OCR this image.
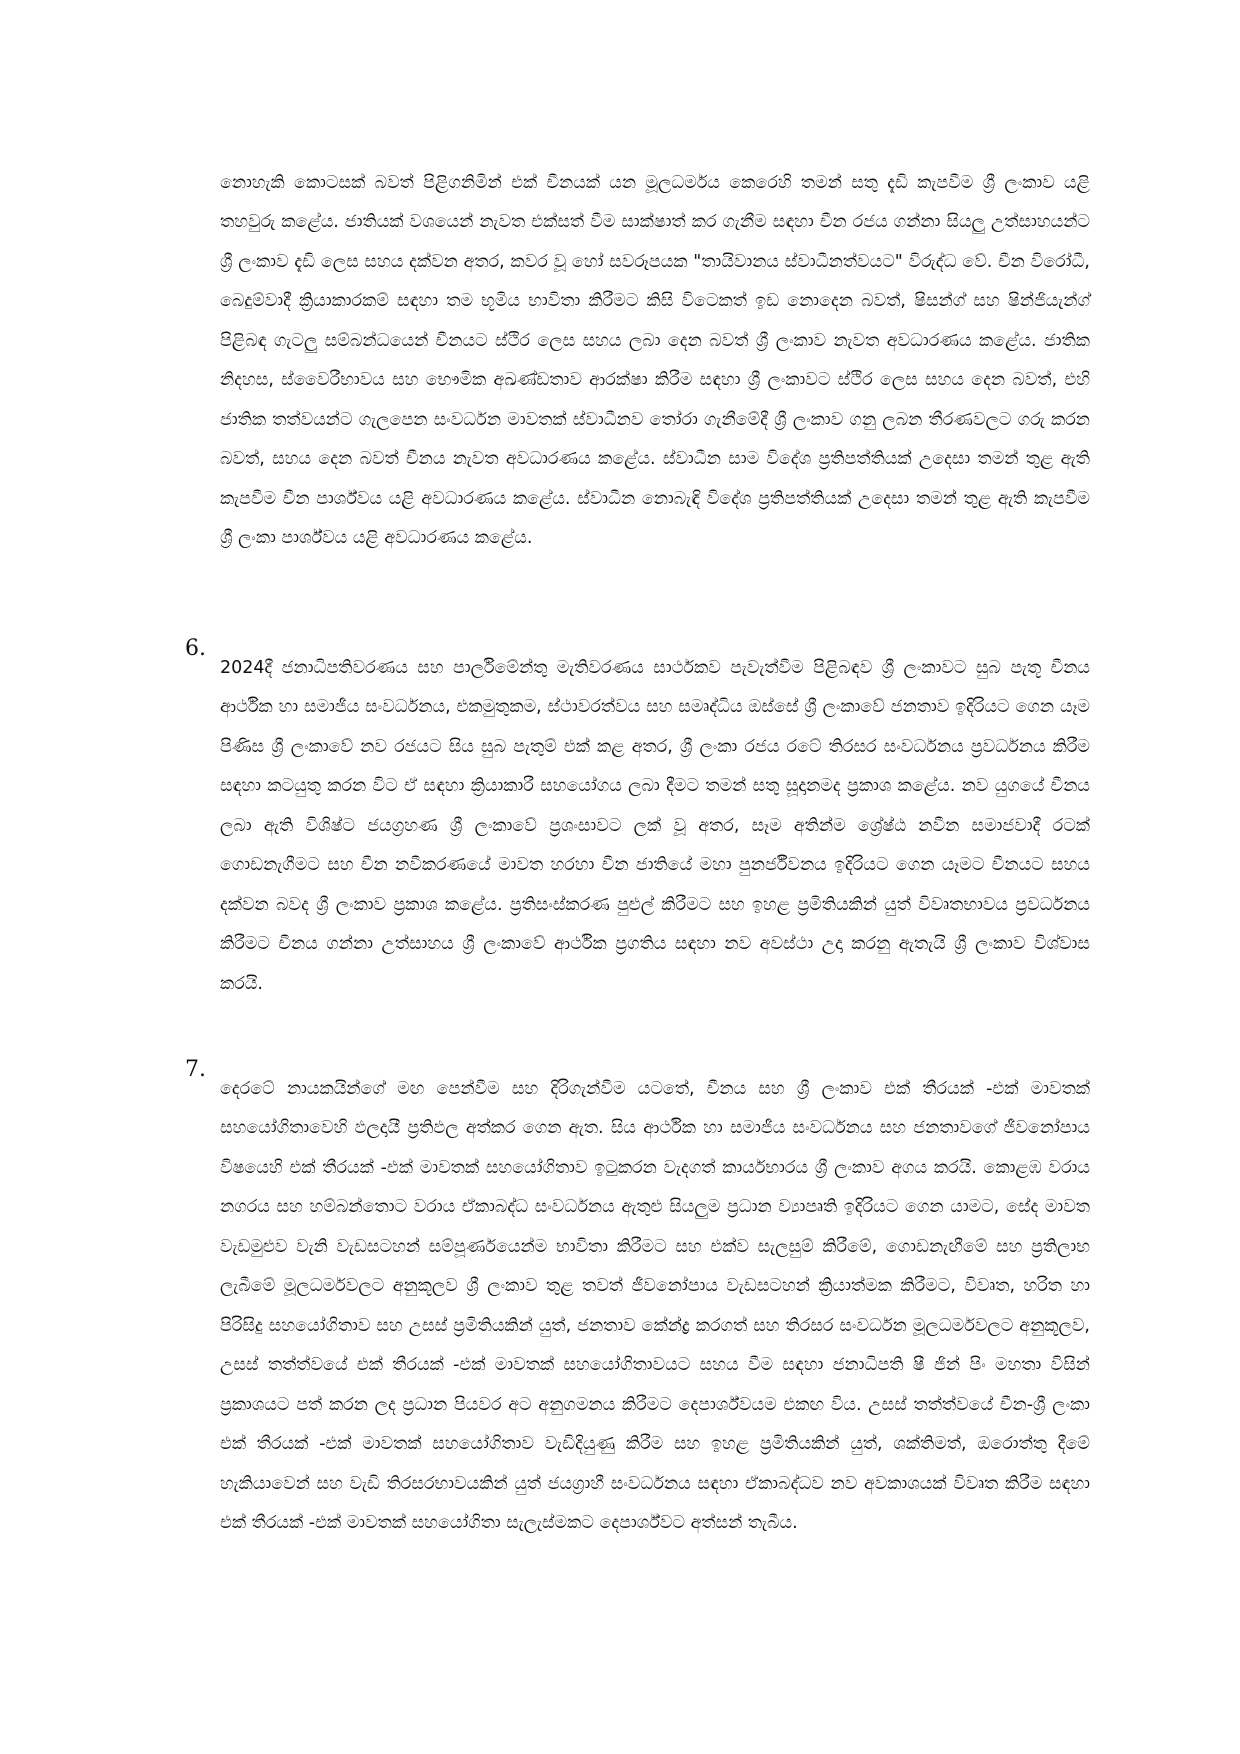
නොහැකි කොටසක් බවත් පිළිගනිමින් එක් චීනයක් යන මූලධර්මය කෙරෙහි තමන් සතු දැඩි කැපවීම ශ්‍රී ලංකාව යළි තහවුරු කළේය. ජාතියක් වශයෙන් නැවත එක්සත් වීම සාක්ෂාත් කර ගැනීම සඳහා චීන රජය ගන්නා සියලු උත්සාහයන්ට ශ්‍රී ලංකාව දැඩි ලෙස සහය දක්වන අතර, කවර වූ හෝ සවරූපයක "තායිවානය ස්වාධීනත්වයට" විරුද්ධ වේ. චීන විරෝධී, බෙදුම්වාදී ක්‍රියාකාරකම් සඳහා තම භූමිය භාවිතා කිරීමට කිසි විටෙකත් ඉඩ නොදෙන බවත්, ෂිසන්ග් සහ ෂින්ජියැන්ග් පිළිබඳ ගැටලු සම්බන්ධයෙන් චීනයට ස්ථිර ලෙස සහය ලබා දෙන බවත් ශ්‍රී ලංකාව නැවත අවධාරණය කළේය. ජාතික නිදහස, ස්වෛරීභාවය සහ භෞමික අඛණ්ඩතාව ආරක්ෂා කිරීම සඳහා ශ්‍රී ලංකාවට ස්ථිර ලෙස සහය දෙන බවත්, එහි ජාතික තත්වයන්ට ගැලපෙන සංවර්ධන මාවතක් ස්වාධීනව තෝරා ගැනීමේදී ශ්‍රී ලංකාව ගනු ලබන තීරණවලට ගරු කරන බවත්, සහය දෙන බවත් චීනය නැවත අවධාරණය කළේය. ස්වාධීන සාම විදේශ ප්‍රතිපත්තියක් උදෙසා තමන් තුළ ඇති කැපවීම චීන පාර්ශ්වය යළි අවධාරණය කළේය. ස්වාධීන නොබැඳි විදේශ ප්‍රතිපත්තියක් උදෙසා තමන් තුළ ඇති කැපවීම ශ්‍රී ලංකා පාර්ශ්වය යළි අවධාරණය කළේය.

6.

2024දී ජනාධිපතිවරණය සහ පාර්ලිමේන්තු මැතිවරණය සාර්ථකව පැවැත්වීම පිළිබඳව ශ්‍රී ලංකාවට සුබ පැතූ චීනය ආර්ථික හා සමාජීය සංවර්ධනය, එකමුතුකම, ස්ථාවරත්වය සහ සමෘද්ධිය ඔස්සේ ශ්‍රී ලංකාවේ ජනතාව ඉදිරියට ගෙන යෑම පිණිස ශ්‍රී ලංකාවේ නව රජයට සිය සුබ පැතුම් එක් කළ අතර, ශ්‍රී ලංකා රජය රටේ තිරසර සංවර්ධනය ප්‍රවර්ධනය කිරීම සඳහා කටයුතු කරන විට ඒ සඳහා ක්‍රියාකාරී සහයෝගය ලබා දීමට තමන් සතු සූදානමද ප්‍රකාශ කළේය. නව යුගයේ චීනය ලබා ඇති විශිෂ්ට ජයග්‍රහණ ශ්‍රී ලංකාවේ ප්‍රශංසාවට ලක් වූ අතර, සෑම අතින්ම ශ්‍රේෂ්ඨ නවීන සමාජවාදී රටක් ගොඩනැගීමට සහ චීන නවීකරණයේ මාවත හරහා චීන ජාතියේ මහා පුනර්ජීවනය ඉදිරියට ගෙන යෑමට චීනයට සහය දක්වන බවද ශ්‍රී ලංකාව ප්‍රකාශ කළේය. ප්‍රතිසංස්කරණ පුළුල් කිරීමට සහ ඉහළ ප්‍රමිතියකින් යුත් විවෘතභාවය ප්‍රවර්ධනය කිරීමට චීනය ගන්නා උත්සාහය ශ්‍රී ලංකාවේ ආර්ථික ප්‍රගතිය සඳහා නව අවස්ථා උදා කරනු ඇතැයි ශ්‍රී ලංකාව විශ්වාස කරයි.

7.

දෙරටේ නායකයින්ගේ මඟ පෙන්වීම සහ දිරිගැන්වීම යටතේ, චීනය සහ ශ්‍රී ලංකාව එක් තීරයක් -එක් මාවතක් සහයෝගිතාවෙහි ඵලදායී ප්‍රතිඵල අත්කර ගෙන ඇත. සිය ආර්ථික හා සමාජීය සංවර්ධනය සහ ජනතාවගේ ජීවනෝපාය විෂයෙහි එක් තීරයක් -එක් මාවතක් සහයෝගිතාව ඉටුකරන වැදගත් කාර්යභාරය ශ්‍රී ලංකාව අගය කරයි. කොළඹ වරාය නගරය සහ හම්බන්තොට වරාය ඒකාබද්ධ සංවර්ධනය ඇතුළු සියලුම ප්‍රධාන ව්‍යාපෘති ඉදිරියට ගෙන යාමට, සේද මාවත වැඩමුළුව වැනි වැඩසටහන් සම්පූර්ණයෙන්ම භාවිතා කිරීමට සහ එක්ව සැලසුම් කිරීමේ, ගොඩනැඟීමේ සහ ප්‍රතිලාභ ලැබීමේ මූලධර්මවලට අනුකූලව ශ්‍රී ලංකාව තුළ තවත් ජීවනෝපාය වැඩසටහන් ක්‍රියාත්මක කිරීමට, විවෘත, හරිත හා පිරිසිදු සහයෝගිතාව සහ උසස් ප්‍රමිතියකින් යුත්, ජනතාව කේන්ද්‍ර කරගත් සහ තිරසර සංවර්ධන මූලධර්මවලට අනුකූලව, උසස් තත්ත්වයේ එක් තීරයක් -එක් මාවතක් සහයෝගිතාවයට සහය වීම සඳහා ජනාධිපති ෂී ජින් පිං මහතා විසින් ප්‍රකාශයට පත් කරන ලද ප්‍රධාන පියවර අට අනුගමනය කිරීමට දෙපාර්ශ්වයම එකඟ විය. උසස් තත්ත්වයේ චීන-ශ්‍රී ලංකා එක් තීරයක් -එක් මාවතක් සහයෝගිතාව වැඩිදියුණු කිරීම සහ ඉහළ ප්‍රමිතියකින් යුත්, ශක්තිමත්, ඔරොත්තු දීමේ හැකියාවෙන් සහ වැඩි තිරසරභාවයකින් යුත් ජයග්‍රාහී සංවර්ධනය සඳහා ඒකාබද්ධව නව අවකාශයක් විවෘත කිරීම සඳහා එක් තීරයක් -එක් මාවතක් සහයෝගිතා සැලැස්මකට දෙපාර්ශ්වට අත්සන් තැබීය.
